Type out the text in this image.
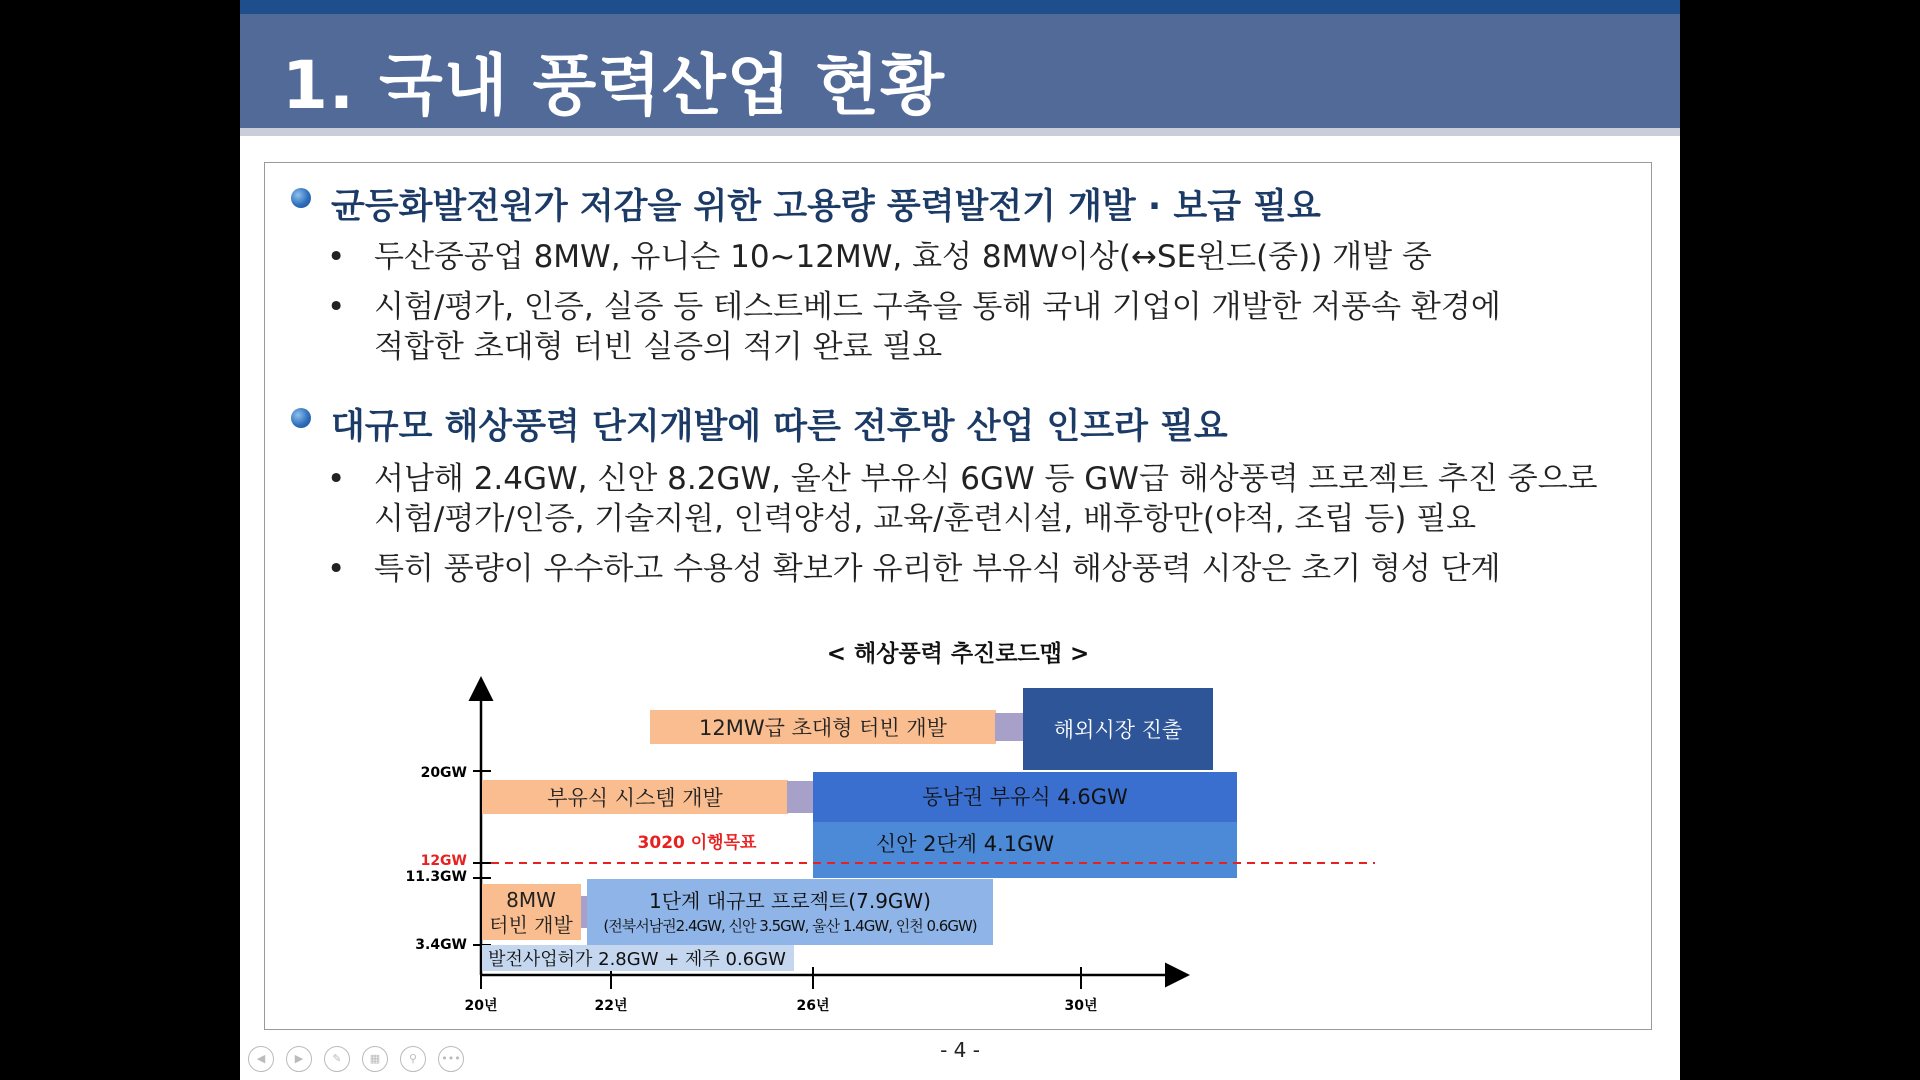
1. 국내 풍력산업 현황
균등화발전원가 저감을 위한 고용량 풍력발전기 개발 · 보급 필요
• 두산중공업 8MW, 유니슨 10~12MW, 효성 8MW이상(↔SE윈드(중)) 개발 중
• 시험/평가, 인증, 실증 등 테스트베드 구축을 통해 국내 기업이 개발한 저풍속 환경에
적합한 초대형 터빈 실증의 적기 완료 필요
대규모 해상풍력 단지개발에 따른 전후방 산업 인프라 필요
• 서남해 2.4GW, 신안 8.2GW, 울산 부유식 6GW 등 GW급 해상풍력 프로젝트 추진 중으로
시험/평가/인증, 기술지원, 인력양성, 교육/훈련시설, 배후항만(야적, 조립 등) 필요
• 특히 풍량이 우수하고 수용성 확보가 유리한 부유식 해상풍력 시장은 초기 형성 단계
< 해상풍력 추진로드맵 >
20GW
12GW
11.3GW
3.4GW
20년	22년	26년	30년
12MW급 초대형 터빈 개발	해외시장 진출
부유식 시스템 개발	동남권 부유식 4.6GW
신안 2단계 4.1GW
3020 이행목표
8MW
터빈 개발
1단계 대규모 프로젝트(7.9GW)
(전북서남권2.4GW, 신안 3.5GW, 울산 1.4GW, 인천 0.6GW)
발전사업허가 2.8GW + 제주 0.6GW
- 4 -
◀	▶	✎	▦	⚲	•••
